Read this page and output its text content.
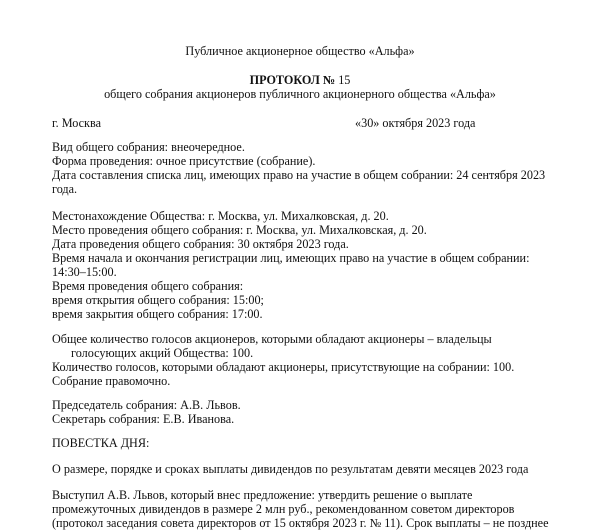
Публичное акционерное общество «Альфа»
ПРОТОКОЛ № 15
общего собрания акционеров публичного акционерного общества «Альфа»
г. Москва	«30» октября 2023 года
Вид общего собрания: внеочередное.
Форма проведения: очное присутствие (собрание).
Дата составления списка лиц, имеющих право на участие в общем собрании: 24 сентября 2023
года.
Местонахождение Общества: г. Москва, ул. Михалковская, д. 20.
Место проведения общего собрания: г. Москва, ул. Михалковская, д. 20.
Дата проведения общего собрания: 30 октября 2023 года.
Время начала и окончания регистрации лиц, имеющих право на участие в общем собрании:
14:30–15:00.
Время проведения общего собрания:
время открытия общего собрания: 15:00;
время закрытия общего собрания: 17:00.
Общее количество голосов акционеров, которыми обладают акционеры – владельцы
голосующих акций Общества: 100.
Количество голосов, которыми обладают акционеры, присутствующие на собрании: 100.
Собрание правомочно.
Председатель собрания: А.В. Львов.
Секретарь собрания: Е.В. Иванова.
ПОВЕСТКА ДНЯ:
О размере, порядке и сроках выплаты дивидендов по результатам девяти месяцев 2023 года
Выступил А.В. Львов, который внес предложение: утвердить решение о выплате
промежуточных дивидендов в размере 2 млн руб., рекомендованном советом директоров
(протокол заседания совета директоров от 15 октября 2023 г. № 11). Срок выплаты – не позднее
